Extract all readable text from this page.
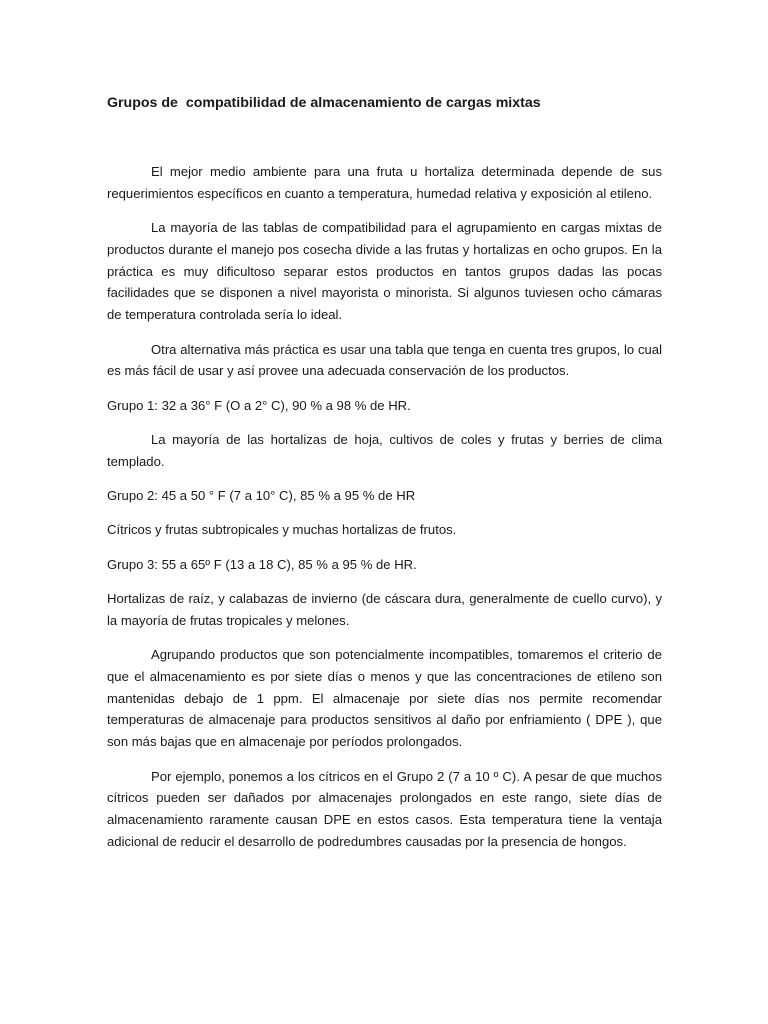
Grupos de  compatibilidad de almacenamiento de cargas mixtas

El mejor medio ambiente para una fruta u hortaliza determinada depende de sus requerimientos específicos en cuanto a temperatura, humedad relativa y exposición al etileno.

La mayoría de las tablas de compatibilidad para el agrupamiento en cargas mixtas de productos durante el manejo pos cosecha divide a las frutas y hortalizas en ocho grupos. En la práctica es muy dificultoso separar estos productos en tantos grupos dadas las pocas facilidades que se disponen a nivel mayorista o minorista. Si algunos tuviesen ocho cámaras de temperatura controlada sería lo ideal.

Otra alternativa más práctica es usar una tabla que tenga en cuenta tres grupos, lo cual es más fácil de usar y así provee una adecuada conservación de los productos.

Grupo 1: 32 a 36° F (O a 2° C), 90 % a 98 % de HR.

La mayoría de las hortalizas de hoja, cultivos de coles y frutas y berries de clima templado.

Grupo 2: 45 a 50 ° F (7 a 10° C), 85 % a 95 % de HR

Cítricos y frutas subtropicales y muchas hortalizas de frutos.

Grupo 3: 55 a 65º F (13 a 18 C), 85 % a 95 % de HR.

Hortalizas de raíz, y calabazas de invierno (de cáscara dura, generalmente de cuello curvo), y la mayoría de frutas tropicales y melones.

Agrupando productos que son potencialmente incompatibles, tomaremos el criterio de que el almacenamiento es por siete días o menos y que las concentraciones de etileno son mantenidas debajo de 1 ppm. El almacenaje por siete días nos permite recomendar temperaturas de almacenaje para productos sensitivos al daño por enfriamiento ( DPE ), que son más bajas que en almacenaje por períodos prolongados.

Por ejemplo, ponemos a los cítricos en el Grupo 2 (7 a 10 º C). A pesar de que muchos cítricos pueden ser dañados por almacenajes prolongados en este rango, siete días de almacenamiento raramente causan DPE en estos casos. Esta temperatura tiene la ventaja adicional de reducir el desarrollo de podredumbres causadas por la presencia de hongos.
